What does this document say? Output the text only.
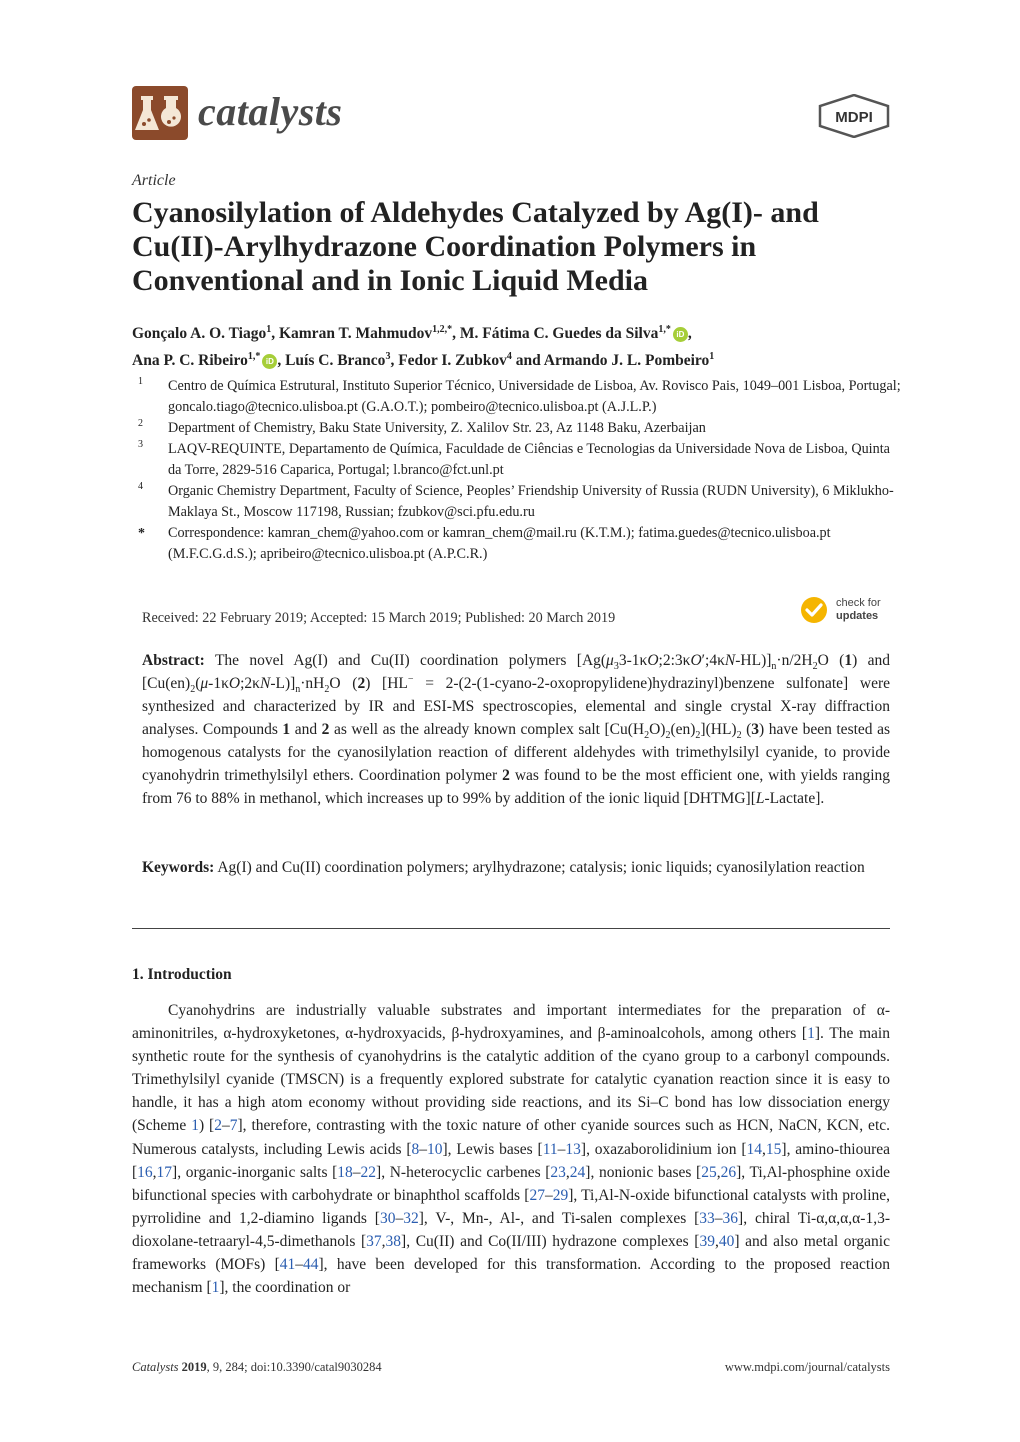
catalysts	MDPI
Article
Cyanosilylation of Aldehydes Catalyzed by Ag(I)- and Cu(II)-Arylhydrazone Coordination Polymers in Conventional and in Ionic Liquid Media
Gonçalo A. O. Tiago$^1$, Kamran T. Mahmudov$^{1,2,*}$, M. Fátima C. Guedes da Silva$^{1,*}$ iD ,
Ana P. C. Ribeiro$^{1,*}$ iD , Luís C. Branco$^3$, Fedor I. Zubkov$^4$ and Armando J. L. Pombeiro$^1$
1 Centro de Química Estrutural, Instituto Superior Técnico, Universidade de Lisboa, Av. Rovisco Pais, 1049–001 Lisboa, Portugal; goncalo.tiago@tecnico.ulisboa.pt (G.A.O.T.); pombeiro@tecnico.ulisboa.pt (A.J.L.P.)
2 Department of Chemistry, Baku State University, Z. Xalilov Str. 23, Az 1148 Baku, Azerbaijan
3 LAQV-REQUINTE, Departamento de Química, Faculdade de Ciências e Tecnologias da Universidade Nova de Lisboa, Quinta da Torre, 2829-516 Caparica, Portugal; l.branco@fct.unl.pt
4 Organic Chemistry Department, Faculty of Science, Peoples’ Friendship University of Russia (RUDN University), 6 Miklukho-Maklaya St., Moscow 117198, Russian; fzubkov@sci.pfu.edu.ru
* Correspondence: kamran_chem@yahoo.com or kamran_chem@mail.ru (K.T.M.); fatima.guedes@tecnico.ulisboa.pt (M.F.C.G.d.S.); apribeiro@tecnico.ulisboa.pt (A.P.C.R.)
Received: 22 February 2019; Accepted: 15 March 2019; Published: 20 March 2019
check for
updates
Abstract: The novel Ag(I) and Cu(II) coordination polymers $[Ag(\mu_33-1\kappa O;2:3\kappa O';4\kappa N-HL)]_n\cdot n/2H_2O$ (1) and $[Cu(en)_2(\mu-1\kappa O;2\kappa N-L)]_n\cdot nH_2O$ (2) [HL− = 2-(2-(1-cyano-2-oxopropylidene)hydrazinyl)benzene sulfonate] were synthesized and characterized by IR and ESI-MS spectroscopies, elemental and single crystal X-ray diffraction analyses. Compounds 1 and 2 as well as the already known complex salt $[Cu(H_2O)_2(en)_2](HL)_2$ (3) have been tested as homogenous catalysts for the cyanosilylation reaction of different aldehydes with trimethylsilyl cyanide, to provide cyanohydrin trimethylsilyl ethers. Coordination polymer 2 was found to be the most efficient one, with yields ranging from 76 to 88% in methanol, which increases up to 99% by addition of the ionic liquid [DHTMG][L-Lactate].
Keywords: Ag(I) and Cu(II) coordination polymers; arylhydrazone; catalysis; ionic liquids; cyanosilylation reaction
1. Introduction
Cyanohydrins are industrially valuable substrates and important intermediates for the preparation of α-aminonitriles, α-hydroxyketones, α-hydroxyacids, β-hydroxyamines, and β-aminoalcohols, among others [1]. The main synthetic route for the synthesis of cyanohydrins is the catalytic addition of the cyano group to a carbonyl compounds. Trimethylsilyl cyanide (TMSCN) is a frequently explored substrate for catalytic cyanation reaction since it is easy to handle, it has a high atom economy without providing side reactions, and its Si–C bond has low dissociation energy (Scheme 1) [2–7], therefore, contrasting with the toxic nature of other cyanide sources such as HCN, NaCN, KCN, etc. Numerous catalysts, including Lewis acids [8–10], Lewis bases [11–13], oxazaborolidinium ion [14,15], amino-thiourea [16,17], organic-inorganic salts [18–22], N-heterocyclic carbenes [23,24], nonionic bases [25,26], Ti,Al-phosphine oxide bifunctional species with carbohydrate or binaphthol scaffolds [27–29], Ti,Al-N-oxide bifunctional catalysts with proline, pyrrolidine and 1,2-diamino ligands [30–32], V-, Mn-, Al-, and Ti-salen complexes [33–36], chiral Ti-α,α,α,α-1,3-dioxolane-tetraaryl-4,5-dimethanols [37,38], Cu(II) and Co(II/III) hydrazone complexes [39,40] and also metal organic frameworks (MOFs) [41–44], have been developed for this transformation. According to the proposed reaction mechanism [1], the coordination or
Catalysts 2019, 9, 284; doi:10.3390/catal9030284	www.mdpi.com/journal/catalysts
